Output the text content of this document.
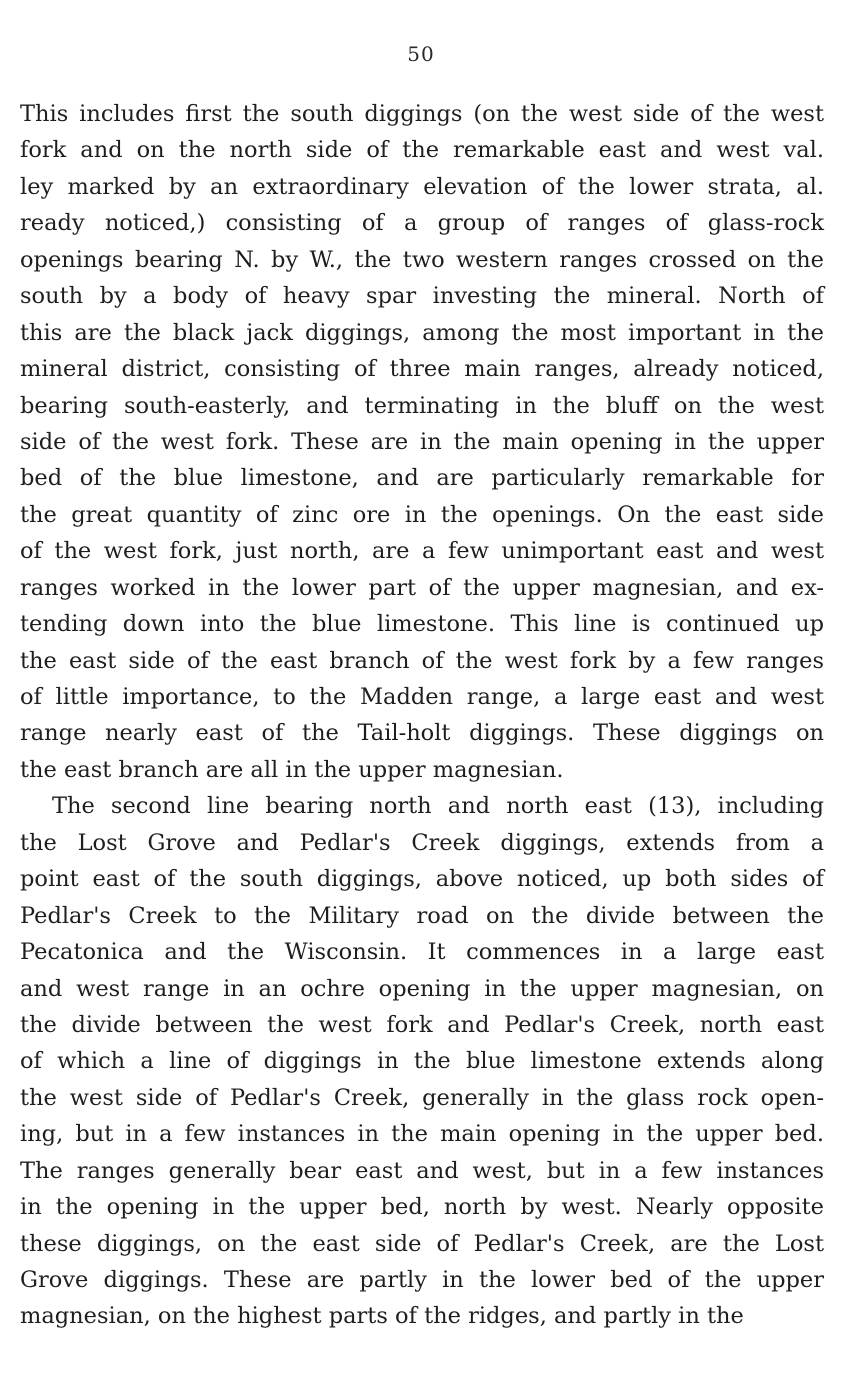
50
This includes first the south diggings (on the west side of the west
fork and on the north side of the remarkable east and west val.
ley marked by an extraordinary elevation of the lower strata, al.
ready noticed,) consisting of a group of ranges of glass-rock
openings bearing N. by W., the two western ranges crossed on the
south by a body of heavy spar investing the mineral. North of
this are the black jack diggings, among the most important in the
mineral district, consisting of three main ranges, already noticed,
bearing south-easterly, and terminating in the bluff on the west
side of the west fork. These are in the main opening in the upper
bed of the blue limestone, and are particularly remarkable for
the great quantity of zinc ore in the openings. On the east side
of the west fork, just north, are a few unimportant east and west
ranges worked in the lower part of the upper magnesian, and ex-
tending down into the blue limestone. This line is continued up
the east side of the east branch of the west fork by a few ranges
of little importance, to the Madden range, a large east and west
range nearly east of the Tail-holt diggings. These diggings on
the east branch are all in the upper magnesian.
The second line bearing north and north east (13), including
the Lost Grove and Pedlar's Creek diggings, extends from a
point east of the south diggings, above noticed, up both sides of
Pedlar's Creek to the Military road on the divide between the
Pecatonica and the Wisconsin. It commences in a large east
and west range in an ochre opening in the upper magnesian, on
the divide between the west fork and Pedlar's Creek, north east
of which a line of diggings in the blue limestone extends along
the west side of Pedlar's Creek, generally in the glass rock open-
ing, but in a few instances in the main opening in the upper bed.
The ranges generally bear east and west, but in a few instances
in the opening in the upper bed, north by west. Nearly opposite
these diggings, on the east side of Pedlar's Creek, are the Lost
Grove diggings. These are partly in the lower bed of the upper
magnesian, on the highest parts of the ridges, and partly in the
